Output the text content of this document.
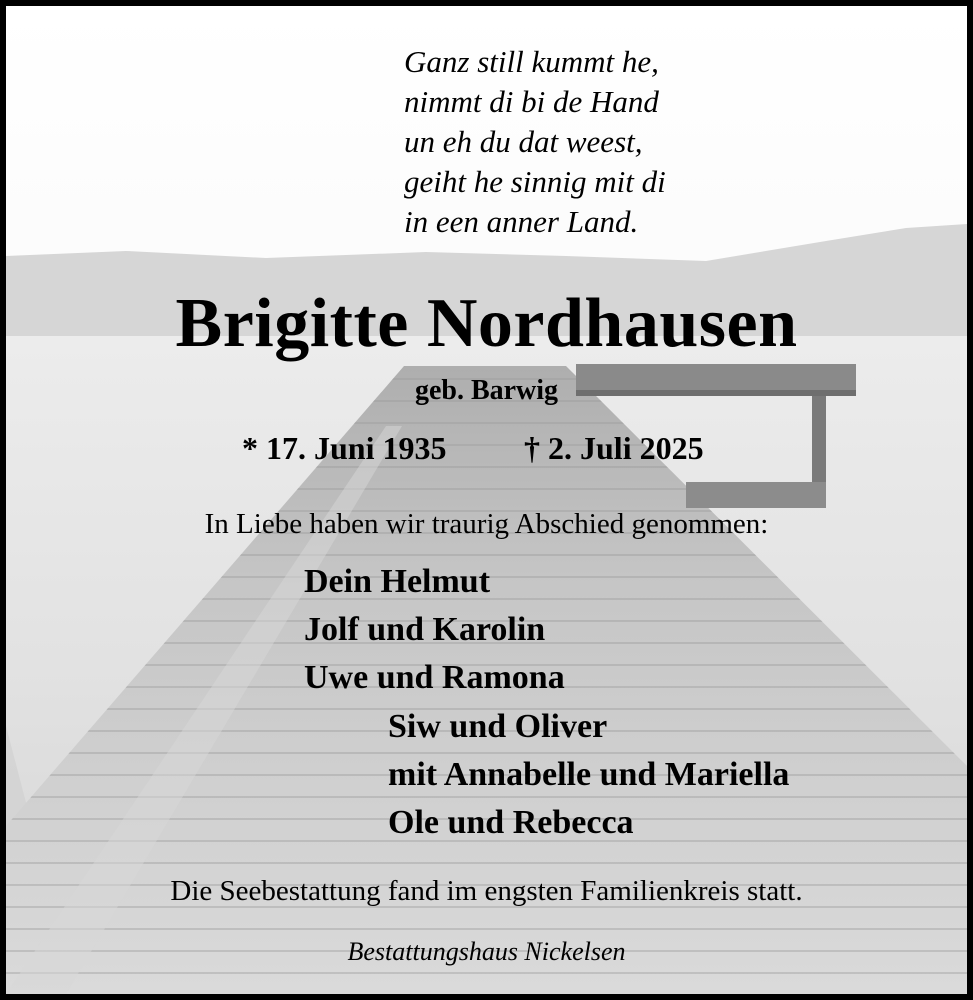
Ganz still kummt he,
nimmt di bi de Hand
un eh du dat weest,
geiht he sinnig mit di
in een anner Land.
Brigitte Nordhausen
geb. Barwig
* 17. Juni 1935 † 2. Juli 2025
In Liebe haben wir traurig Abschied genommen:
Dein Helmut
Jolf und Karolin
Uwe und Ramona
Siw und Oliver
mit Annabelle und Mariella
Ole und Rebecca
Die Seebestattung fand im engsten Familienkreis statt.
Bestattungshaus Nickelsen
